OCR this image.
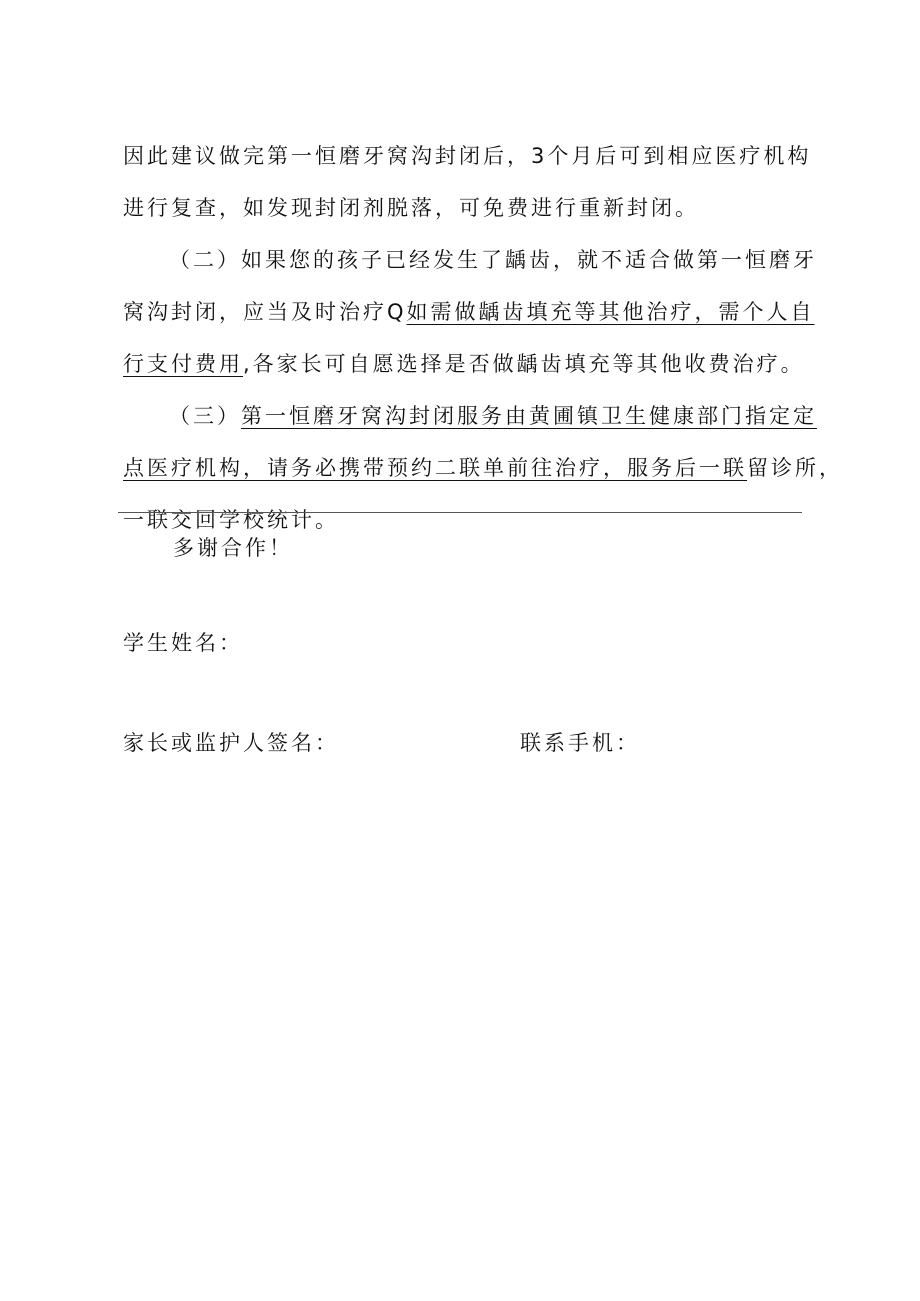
因此建议做完第一恒磨牙窝沟封闭后，3个月后可到相应医疗机构
进行复查，如发现封闭剂脱落，可免费进行重新封闭。
（二）如果您的孩子已经发生了龋齿，就不适合做第一恒磨牙
窝沟封闭，应当及时治疗Q如需做龋齿填充等其他治疗，需个人自
行支付费用,各家长可自愿选择是否做龋齿填充等其他收费治疗。
（三）第一恒磨牙窝沟封闭服务由黄圃镇卫生健康部门指定定
点医疗机构，请务必携带预约二联单前往治疗，服务后一联留诊所，
一联交回学校统计。
多谢合作！
学生姓名：
家长或监护人签名：	联系手机：
